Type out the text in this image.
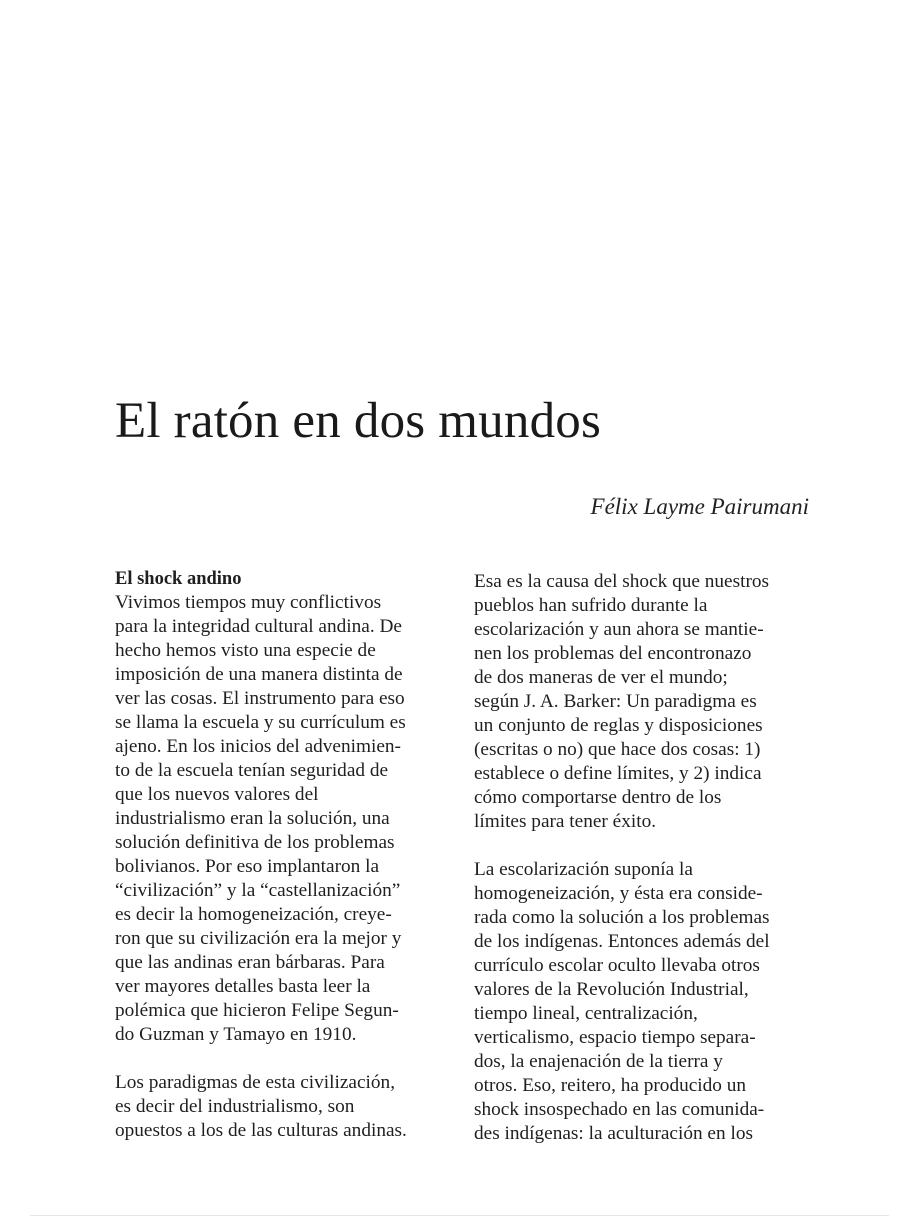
El ratón en dos mundos
Félix Layme Pairumani
El shock andino
Vivimos tiempos muy conflictivos
para la integridad cultural andina. De
hecho hemos visto una especie de
imposición de una manera distinta de
ver las cosas. El instrumento para eso
se llama la escuela y su currículum es
ajeno. En los inicios del advenimien-
to de la escuela tenían seguridad de
que los nuevos valores del
industrialismo eran la solución, una
solución definitiva de los problemas
bolivianos. Por eso implantaron la
“civilización” y la “castellanización”
es decir la homogeneización, creye-
ron que su civilización era la mejor y
que las andinas eran bárbaras. Para
ver mayores detalles basta leer la
polémica que hicieron Felipe Segun-
do Guzman y Tamayo en 1910.
Los paradigmas de esta civilización,
es decir del industrialismo, son
opuestos a los de las culturas andinas.
Esa es la causa del shock que nuestros
pueblos han sufrido durante la
escolarización y aun ahora se mantie-
nen los problemas del encontronazo
de dos maneras de ver el mundo;
según J. A. Barker: Un paradigma es
un conjunto de reglas y disposiciones
(escritas o no) que hace dos cosas: 1)
establece o define límites, y 2) indica
cómo comportarse dentro de los
límites para tener éxito.
La escolarización suponía la
homogeneización, y ésta era conside-
rada como la solución a los problemas
de los indígenas. Entonces además del
currículo escolar oculto llevaba otros
valores de la Revolución Industrial,
tiempo lineal, centralización,
verticalismo, espacio tiempo separa-
dos, la enajenación de la tierra y
otros. Eso, reitero, ha producido un
shock insospechado en las comunida-
des indígenas: la aculturación en los
